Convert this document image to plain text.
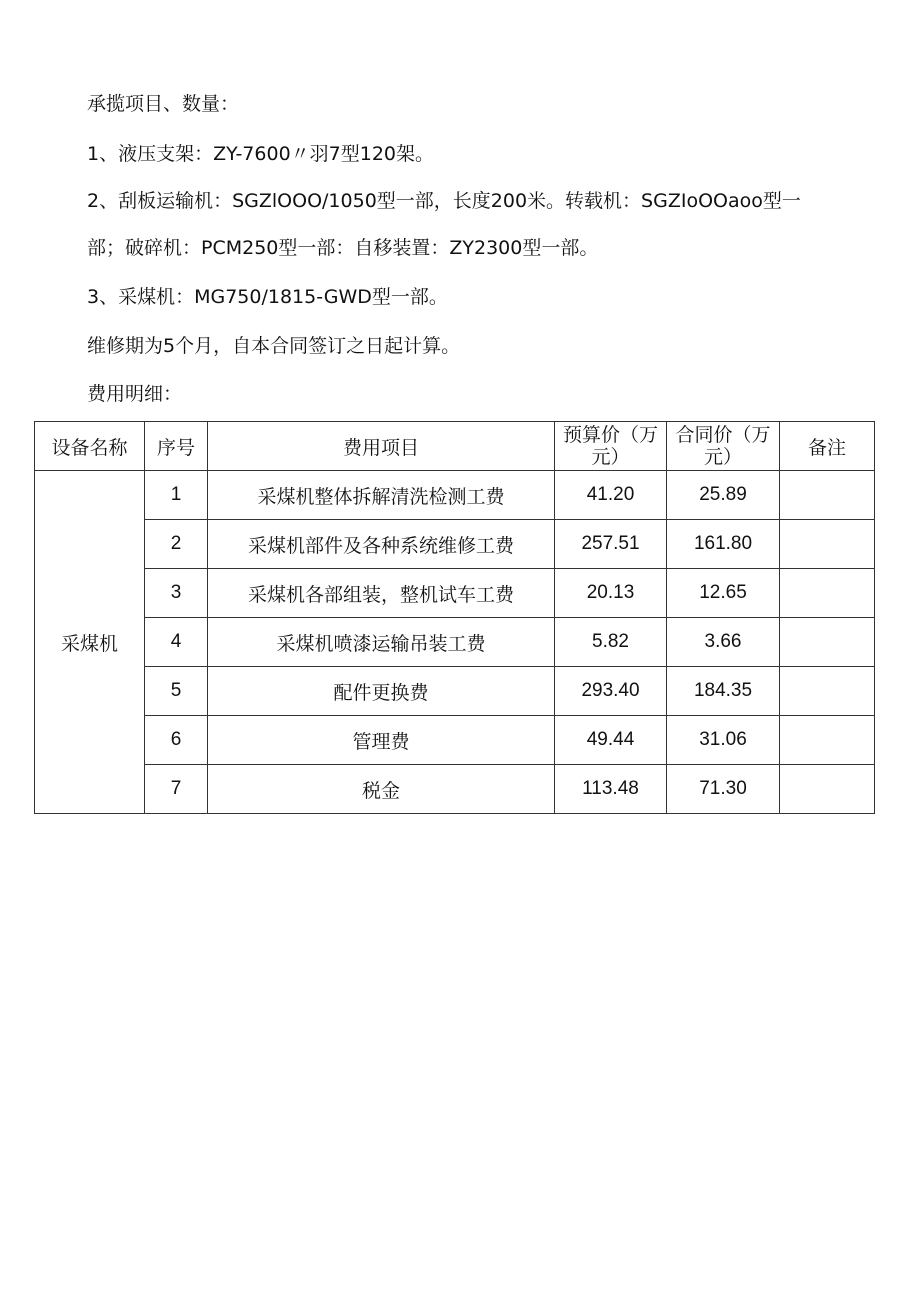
承揽项目、数量：

1、液压支架：ZY-7600〃羽7型120架。

2、刮板运输机：SGZlOOO/1050型一部，长度200米。转载机：SGZIoOOaoo型一

部；破碎机：PCM250型一部：自移装置：ZY2300型一部。

3、采煤机：MG750/1815-GWD型一部。

维修期为5个月，自本合同签订之日起计算。

费用明细：

设备名称	序号	费用项目	预算价（万元）	合同价（万元）	备注
采煤机	1	采煤机整体拆解清洗检测工费	41.20	25.89	
	2	采煤机部件及各种系统维修工费	257.51	161.80	
	3	采煤机各部组装，整机试车工费	20.13	12.65	
	4	采煤机喷漆运输吊装工费	5.82	3.66	
	5	配件更换费	293.40	184.35	
	6	管理费	49.44	31.06	
	7	税金	113.48	71.30	
